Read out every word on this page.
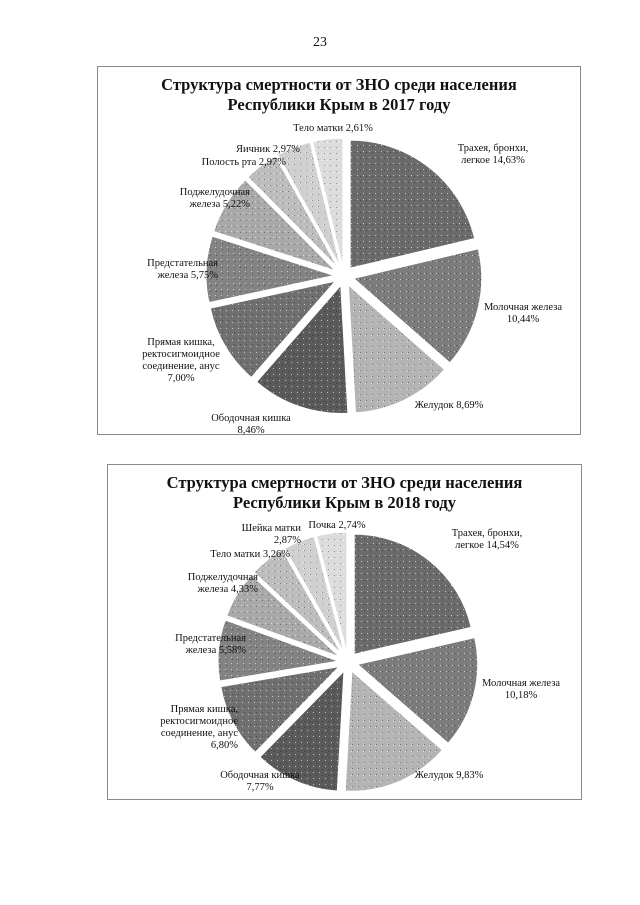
23
Структура смертности от ЗНО среди населения
Республики Крым в 2017 году
Трахея, бронхи,
легкое 14,63%
Молочная железа
10,44%
Желудок 8,69%
Ободочная кишка
8,46%
Прямая кишка,
ректосигмоидное
соединение, анус
7,00%
Предстательная
железа 5,75%
Поджелудочная
железа 5,22%
Полость рта 2,97%
Яичник 2,97%
Тело матки 2,61%
Структура смертности от ЗНО среди населения
Республики Крым в 2018 году
Трахея, бронхи,
легкое 14,54%
Молочная железа
10,18%
Желудок 9,83%
Ободочная кишка
7,77%
Прямая кишка,
ректосигмоидное
соединение, анус
6,80%
Предстательная
железа 5,58%
Поджелудочная
железа 4,33%
Тело матки 3,26%
Шейка матки
2,87%
Почка 2,74%
